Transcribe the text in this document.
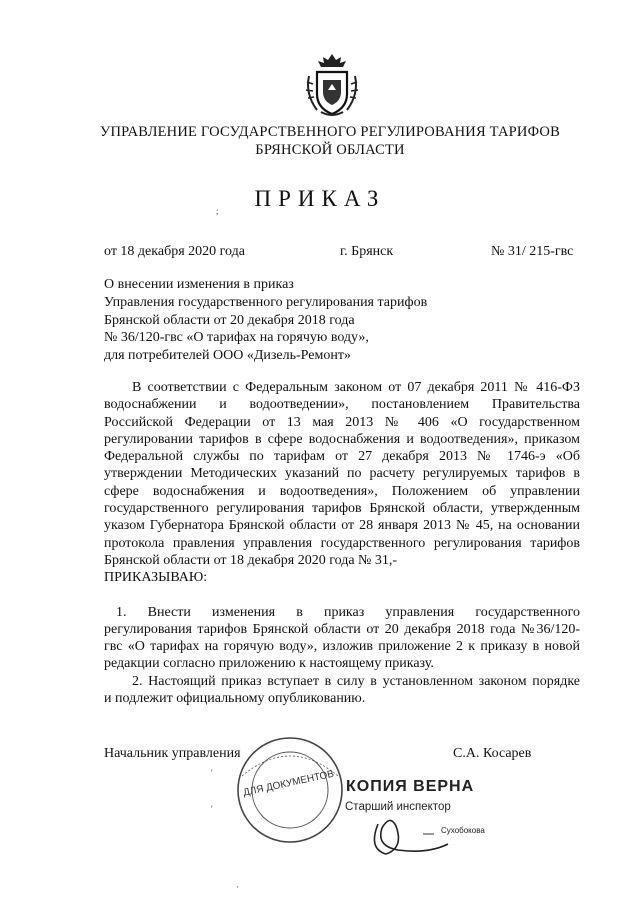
УПРАВЛЕНИЕ ГОСУДАРСТВЕННОГО РЕГУЛИРОВАНИЯ ТАРИФОВ
БРЯНСКОЙ ОБЛАСТИ
ПРИКАЗ
от 18 декабря 2020 года	г. Брянск	№ 31/ 215-гвс
О внесении изменения в приказ
Управления государственного регулирования тарифов
Брянской области от 20 декабря 2018 года
№ 36/120-гвс «О тарифах на горячую воду»,
для потребителей ООО «Дизель-Ремонт»
В соответствии с Федеральным законом от 07 декабря 2011 № 416-ФЗ
водоснабжении и водоотведении», постановлением Правительства
Российской Федерации от 13 мая 2013 № 406 «О государственном
регулировании тарифов в сфере водоснабжения и водоотведения», приказом
Федеральной службы по тарифам от 27 декабря 2013 № 1746-э «Об
утверждении Методических указаний по расчету регулируемых тарифов в
сфере водоснабжения и водоотведения», Положением об управлении
государственного регулирования тарифов Брянской области, утвержденным
указом Губернатора Брянской области от 28 января 2013 № 45, на основании
протокола правления управления государственного регулирования тарифов
Брянской области от 18 декабря 2020 года № 31,-
ПРИКАЗЫВАЮ:
1. Внести изменения в приказ управления государственного
регулирования тарифов Брянской области от 20 декабря 2018 года №36/120-
гвс «О тарифах на горячую воду», изложив приложение 2 к приказу в новой
редакции согласно приложению к настоящему приказу.
2. Настоящий приказ вступает в силу в установленном законом порядке
и подлежит официальному опубликованию.
Начальник управления	С.А. Косарев
ДЛЯ ДОКУМЕНТОВ КОПИЯ ВЕРНА
Старший инспектор
Сухобокова
;
'
'
·
